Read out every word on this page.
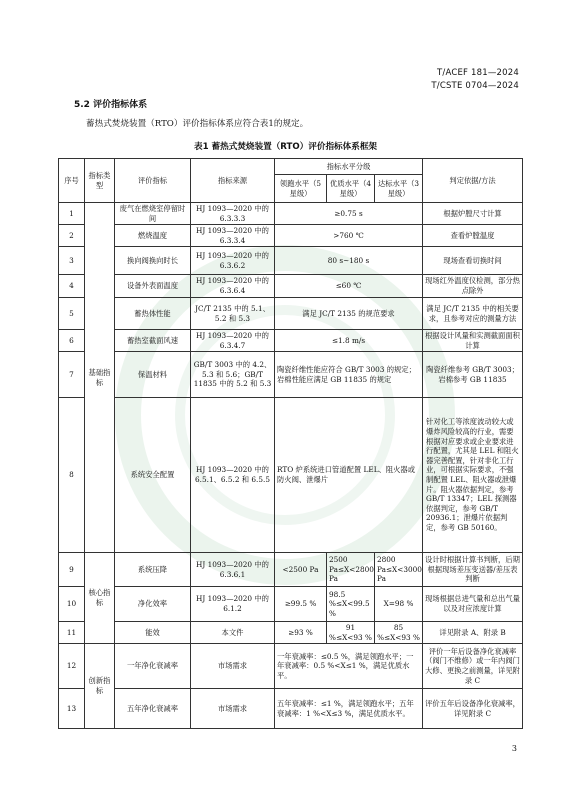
T/ACEF 181—2024
T/CSTE 0704—2024
5.2 评价指标体系
蓄热式焚烧装置（RTO）评价指标体系应符合表1的规定。
表1 蓄热式焚烧装置（RTO）评价指标体系框架
序号	指标类型	评价指标	指标来源	指标水平分级			判定依据/方法
				领跑水平（5星级）	优质水平（4星级）	达标水平（3星级）	
1	基础指标	废气在燃烧室停留时间	HJ 1093—2020 中的 6.3.3.3	≥0.75 s			根据炉膛尺寸计算
2		燃烧温度	HJ 1093—2020 中的 6.3.3.4	>760 ℃			查看炉膛温度
3		换向阀换向时长	HJ 1093—2020 中的 6.3.6.2	80 s~180 s			现场查看切换时间
4		设备外表面温度	HJ 1093—2020 中的 6.3.6.4	≤60 ℃			现场红外温度仪检测，部分热点除外
5		蓄热体性能	JC/T 2135 中的 5.1、5.2 和 5.3	满足 JC/T 2135 的规范要求			满足 JC/T 2135 中的相关要求，且参考对应的测量方法
6		蓄热室截面风速	HJ 1093—2020 中的 6.3.4.7	≤1.8 m/s			根据设计风量和实测截面面积计算
7		保温材料	GB/T 3003 中的 4.2、5.3 和 5.6；GB/T 11835 中的 5.2 和 5.3	陶瓷纤维性能应符合 GB/T 3003 的规定；岩棉性能应满足 GB 11835 的规定			陶瓷纤维参考 GB/T 3003；岩棉参考 GB 11835
8		系统安全配置	HJ 1093—2020 中的 6.5.1、6.5.2 和 6.5.5	RTO 炉系统进口管道配置 LEL、阻火器或防火阀、泄爆片			针对化工等浓度波动较大或爆炸风险较高的行业，需要根据对应要求或企业要求进行配置，尤其是 LEL 和阻火器完善配置，针对非化工行业，可根据实际要求，不强制配置 LEL、阻火器或泄爆片。阻火器依据判定，参考 GB/T 13347；LEL 探测器依据判定，参考 GB/T 20936.1；泄爆片依据判定，参考 GB 50160。
9	核心指标	系统压降	HJ 1093—2020 中的 6.3.6.1	<2500 Pa	2500 Pa≤X<2800 Pa	2800 Pa≤X<3000 Pa	设计时根据计算书判断，后期根据现场差压变送器/差压表判断
10		净化效率	HJ 1093—2020 中的 6.1.2	≥99.5 %	98.5 %≤X<99.5 %	X=98 %	现场根据总进气量和总出气量以及对应浓度计算
11		能效	本文件	≥93 %	91 %≤X<93 %	85 %≤X<93 %	详见附录 A、附录 B
12	创新指标	一年净化衰减率	市场需求	一年衰减率：≤0.5 %，满足领跑水平；一年衰减率：0.5 %<X≤1 %，满足优质水平。			评价一年后设备净化衰减率（阀门不维修）或一年内阀门大修、更换之前测量，详见附录 C
13		五年净化衰减率	市场需求	五年衰减率：≤1 %，满足领跑水平；五年衰减率：1 %<X≤3 %，满足优质水平。			评价五年后设备净化衰减率，详见附录 C
3
